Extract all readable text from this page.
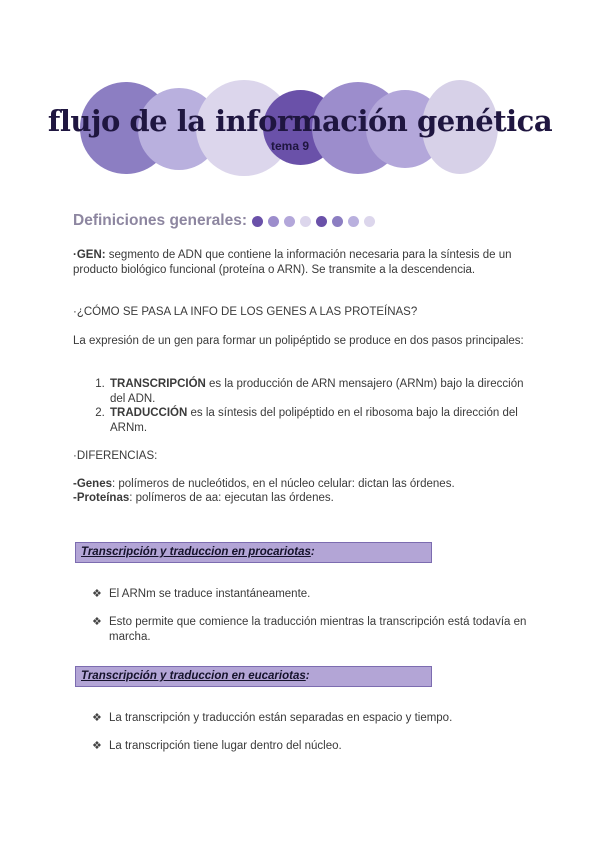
flujo de la información genética
tema 9
Definiciones generales:

·GEN: segmento de ADN que contiene la información necesaria para la síntesis de un producto biológico funcional (proteína o ARN). Se transmite a la descendencia.

·¿CÓMO SE PASA LA INFO DE LOS GENES A LAS PROTEÍNAS?

La expresión de un gen para formar un polipéptido se produce en dos pasos principales:

1. TRANSCRIPCIÓN es la producción de ARN mensajero (ARNm) bajo la dirección del ADN.
2. TRADUCCIÓN es la síntesis del polipéptido en el ribosoma bajo la dirección del ARNm.

·DIFERENCIAS:

-Genes: polímeros de nucleótidos, en el núcleo celular: dictan las órdenes.

-Proteínas: polímeros de aa: ejecutan las órdenes.

Transcripción y traduccion en procariotas:
❖ El ARNm se traduce instantáneamente.

❖ Esto permite que comience la traducción mientras la transcripción está todavía en marcha.

Transcripción y traduccion en eucariotas:
❖ La transcripción y traducción están separadas en espacio y tiempo.

❖ La transcripción tiene lugar dentro del núcleo.
